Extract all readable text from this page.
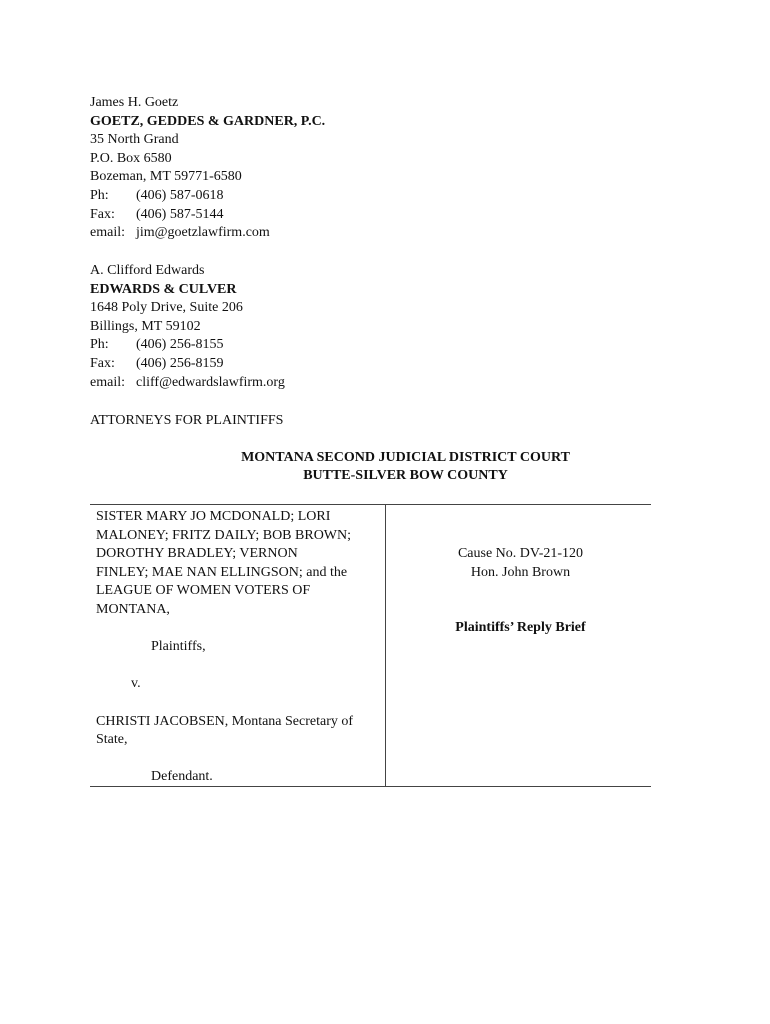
James H. Goetz
GOETZ, GEDDES & GARDNER, P.C.
35 North Grand
P.O. Box 6580
Bozeman, MT 59771-6580
Ph: (406) 587-0618
Fax: (406) 587-5144
email: jim@goetzlawfirm.com
A. Clifford Edwards
EDWARDS & CULVER
1648 Poly Drive, Suite 206
Billings, MT 59102
Ph: (406) 256-8155
Fax: (406) 256-8159
email: cliff@edwardslawfirm.org
ATTORNEYS FOR PLAINTIFFS
MONTANA SECOND JUDICIAL DISTRICT COURT
BUTTE-SILVER BOW COUNTY
SISTER MARY JO MCDONALD; LORI
MALONEY; FRITZ DAILY; BOB BROWN;
DOROTHY BRADLEY; VERNON
FINLEY; MAE NAN ELLINGSON; and the
LEAGUE OF WOMEN VOTERS OF
MONTANA,
Plaintiffs,
v.
CHRISTI JACOBSEN, Montana Secretary of
State,
Defendant.
Cause No. DV-21-120
Hon. John Brown
Plaintiffs’ Reply Brief
